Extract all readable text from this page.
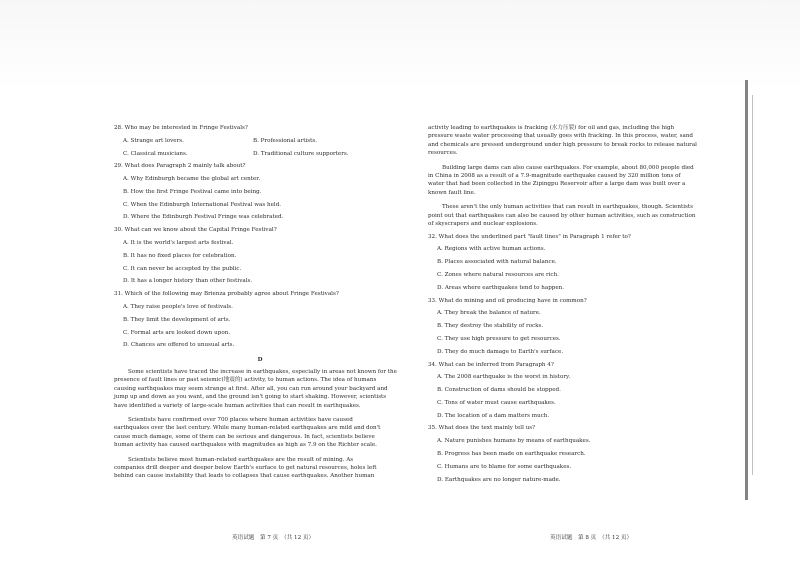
28. Who may be interested in Fringe Festivals?
A. Strange art lovers.	B. Professional artists.
C. Classical musicians.	D. Traditional culture supporters.
29. What does Paragraph 2 mainly talk about?
A. Why Edinburgh became the global art center.
B. How the first Fringe Festival came into being.
C. When the Edinburgh International Festival was held.
D. Where the Edinburgh Festival Fringe was celebrated.
30. What can we know about the Capital Fringe Festival?
A. It is the world's largest arts festival.
B. It has no fixed places for celebration.
C. It can never be accepted by the public.
D. It has a longer history than other festivals.
31. Which of the following may Brienza probably agree about Fringe Festivals?
A. They raise people's love of festivals.
B. They limit the development of arts.
C. Formal arts are looked down upon.
D. Chances are offered to unusual arts.
D
Some scientists have traced the increase in earthquakes, especially in areas not known for the
presence of fault lines or past seismic(地震的) activity, to human actions. The idea of humans
causing earthquakes may seem strange at first. After all, you can run around your backyard and
jump up and down as you want, and the ground isn't going to start shaking. However, scientists
have identified a variety of large-scale human activities that can result in earthquakes.
Scientists have confirmed over 700 places where human activities have caused
earthquakes over the last century. While many human-related earthquakes are mild and don't
cause much damage, some of them can be serious and dangerous. In fact, scientists believe
human activity has caused earthquakes with magnitudes as high as 7.9 on the Richter scale.
Scientists believe most human-related earthquakes are the result of mining. As
companies drill deeper and deeper below Earth's surface to get natural resources, holes left
behind can cause instability that leads to collapses that cause earthquakes. Another human
英语试题　第 7 页　（共 12 页）
activity leading to earthquakes is fracking (水力压裂) for oil and gas, including the high
pressure waste water processing that usually goes with fracking. In this process, water, sand
and chemicals are pressed underground under high pressure to break rocks to release natural
resources.
Building large dams can also cause earthquakes. For example, about 80,000 people died
in China in 2008 as a result of a 7.9-magnitude earthquake caused by 320 million tons of
water that had been collected in the Zipingpu Reservoir after a large dam was built over a
known fault line.
These aren't the only human activities that can result in earthquakes, though. Scientists
point out that earthquakes can also be caused by other human activities, such as construction
of skyscrapers and nuclear explosions.
32. What does the underlined part "fault lines" in Paragraph 1 refer to?
A. Regions with active human actions.
B. Places associated with natural balance.
C. Zones where natural resources are rich.
D. Areas where earthquakes tend to happen.
33. What do mining and oil producing have in common?
A. They break the balance of nature.
B. They destroy the stability of rocks.
C. They use high pressure to get resources.
D. They do much damage to Earth's surface.
34. What can be inferred from Paragraph 4?
A. The 2008 earthquake is the worst in history.
B. Construction of dams should be stopped.
C. Tons of water must cause earthquakes.
D. The location of a dam matters much.
35. What does the text mainly tell us?
A. Nature punishes humans by means of earthquakes.
B. Progress has been made on earthquake research.
C. Humans are to blame for some earthquakes.
D. Earthquakes are no longer nature-made.
英语试题　第 8 页　（共 12 页）
